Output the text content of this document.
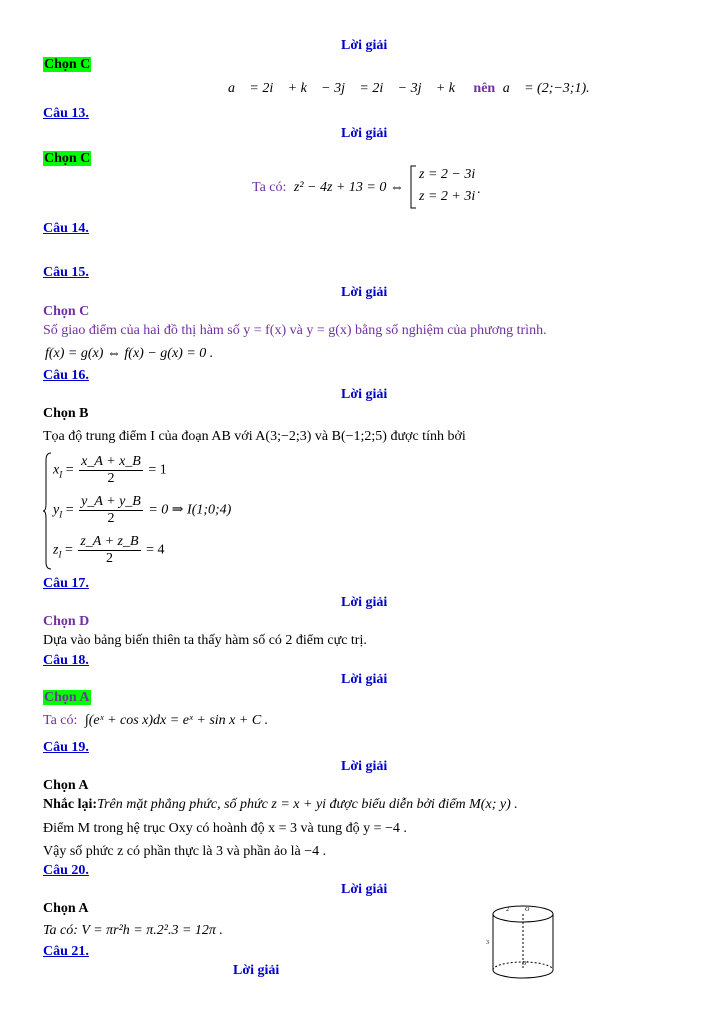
Lời giải
Chọn C
a⃗ = 2i⃗ + k⃗ − 3j⃗ = 2i⃗ − 3j⃗ + k⃗ nên a⃗ = (2;−3;1).
Câu 13.
Lời giải
Chọn C
Ta có: z² − 4z + 13 = 0 ⇔
z = 2 − 3i
z = 2 + 3i .
Câu 14.
Câu 15.
Lời giải
Chọn C
Số giao điểm của hai đồ thị hàm số y = f(x) và y = g(x) bằng số nghiệm của phương trình.
f(x) = g(x) ⇔ f(x) − g(x) = 0 .
Câu 16.
Lời giải
Chọn B
Tọa độ trung điểm I của đoạn AB với A(3;−2;3) và B(−1;2;5) được tính bởi
$x_I = \frac{x\_A + x\_B}{2} = 1$
$y_I = \frac{y\_A + y\_B}{2} = 0$ ⇒ I(1;0;4)
$z_I = \frac{z\_A + z\_B}{2} = 4$
Câu 17.
Lời giải
Chọn D
Dựa vào bảng biến thiên ta thấy hàm số có 2 điểm cực trị.
Câu 18.
Lời giải
Chọn A
Ta có: ∫(eˣ + cos x)dx = eˣ + sin x + C .
Câu 19.
Lời giải
Chọn A
Nhắc lại:Trên mặt phẳng phức, số phức z = x + yi được biểu diễn bởi điểm M(x; y) .
Điểm M trong hệ trục Oxy có hoành độ x = 3 và tung độ y = −4 .
Vậy số phức z có phần thực là 3 và phần ảo là −4 .
Câu 20.
Lời giải
Chọn A
Ta có: V = πr²h = π.2².3 = 12π .
2	O
3
O'
Câu 21.
Lời giải
